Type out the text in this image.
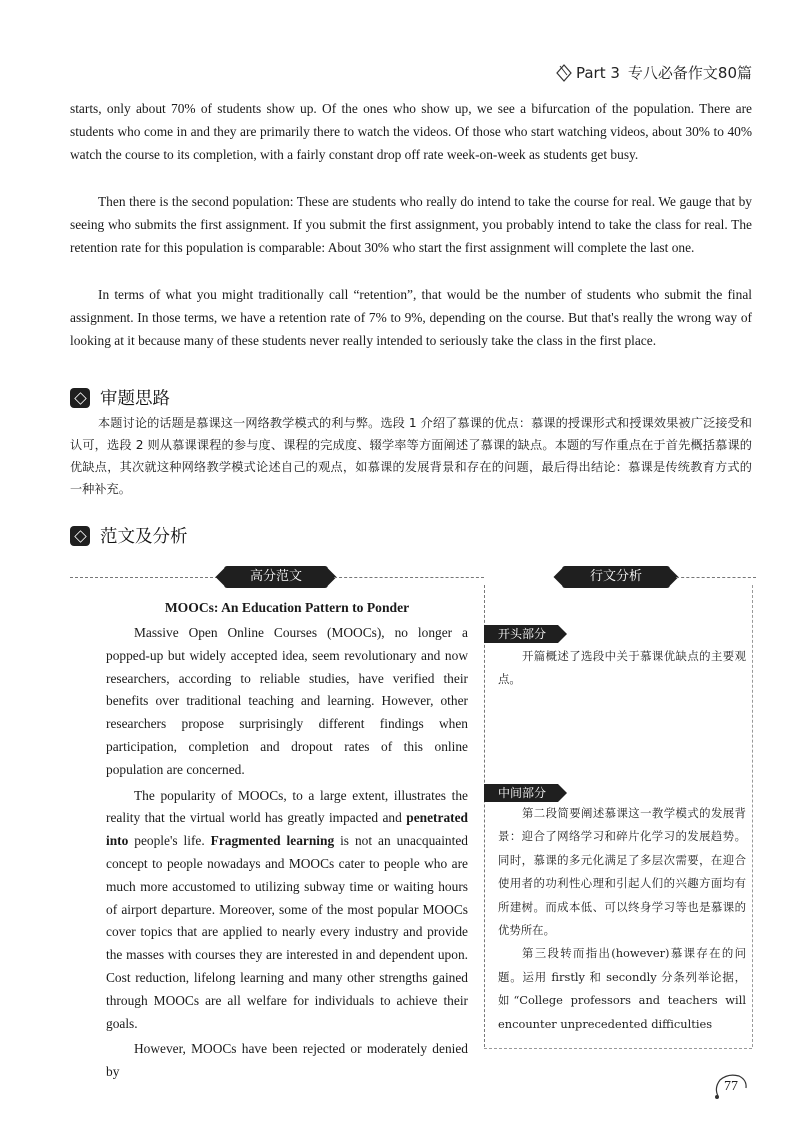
Part 3 专八必备作文80篇

starts, only about 70% of students show up. Of the ones who show up, we see a bifurcation of the population. There are students who come in and they are primarily there to watch the videos. Of those who start watching videos, about 30% to 40% watch the course to its completion, with a fairly constant drop off rate week-on-week as students get busy.

Then there is the second population: These are students who really do intend to take the course for real. We gauge that by seeing who submits the first assignment. If you submit the first assignment, you probably intend to take the class for real. The retention rate for this population is comparable: About 30% who start the first assignment will complete the last one.

In terms of what you might traditionally call “retention”, that would be the number of students who submit the final assignment. In those terms, we have a retention rate of 7% to 9%, depending on the course. But that's really the wrong way of looking at it because many of these students never really intended to seriously take the class in the first place.

审题思路

本题讨论的话题是慕课这一网络教学模式的利与弊。选段 1 介绍了慕课的优点：慕课的授课形式和授课效果被广泛接受和认可，选段 2 则从慕课课程的参与度、课程的完成度、辍学率等方面阐述了慕课的缺点。本题的写作重点在于首先概括慕课的优缺点，其次就这种网络教学模式论述自己的观点，如慕课的发展背景和存在的问题，最后得出结论：慕课是传统教育方式的一种补充。

范文及分析
高分范文	行文分析

MOOCs: An Education Pattern to Ponder

Massive Open Online Courses (MOOCs), no longer a popped-up but widely accepted idea, seem revolutionary and now researchers, according to reliable studies, have verified their benefits over traditional teaching and learning. However, other researchers propose surprisingly different findings when participation, completion and dropout rates of this online population are concerned.

The popularity of MOOCs, to a large extent, illustrates the reality that the virtual world has greatly impacted and penetrated into people's life. Fragmented learning is not an unacquainted concept to people nowadays and MOOCs cater to people who are much more accustomed to utilizing subway time or waiting hours of airport departure. Moreover, some of the most popular MOOCs cover topics that are applied to nearly every industry and provide the masses with courses they are interested in and dependent upon. Cost reduction, lifelong learning and many other strengths gained through MOOCs are all welfare for individuals to achieve their goals.

However, MOOCs have been rejected or moderately denied by

开头部分

开篇概述了选段中关于慕课优缺点的主要观点。

中间部分

第二段简要阐述慕课这一教学模式的发展背景：迎合了网络学习和碎片化学习的发展趋势。同时，慕课的多元化满足了多层次需要，在迎合使用者的功利性心理和引起人们的兴趣方面均有所建树。而成本低、可以终身学习等也是慕课的优势所在。

第三段转而指出(however)慕课存在的问题。运用 firstly 和 secondly 分条列举论据，如“College professors and teachers will encounter unprecedented difficulties

77
